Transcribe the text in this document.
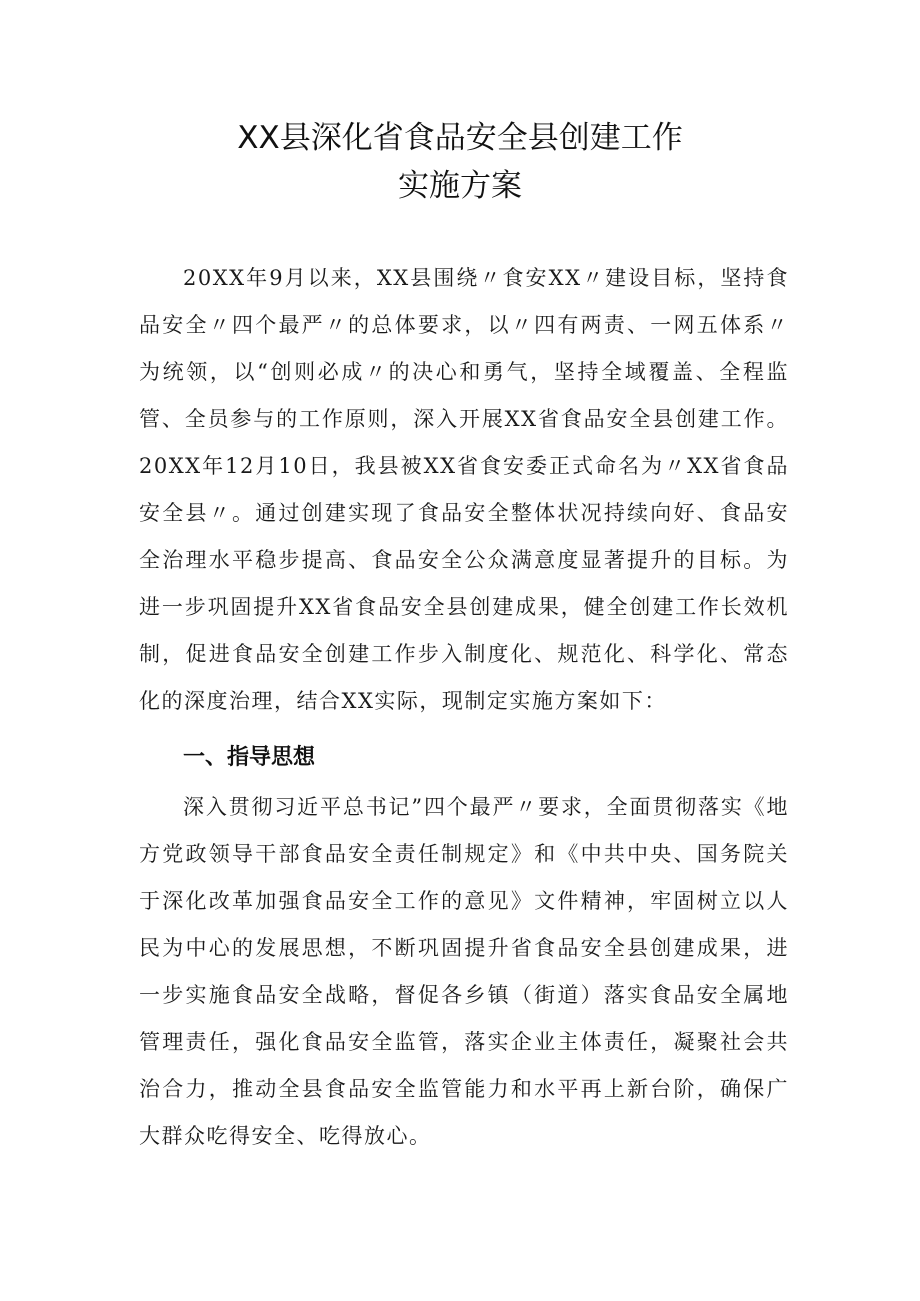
XX县深化省食品安全县创建工作
实施方案

20XX年9月以来，XX县围绕〃食安XX〃建设目标，坚持食品安全〃四个最严〃的总体要求，以〃四有两责、一网五体系〃为统领，以“创则必成〃的决心和勇气，坚持全域覆盖、全程监管、全员参与的工作原则，深入开展XX省食品安全县创建工作。20XX年12月10日，我县被XX省食安委正式命名为〃XX省食品安全县〃。通过创建实现了食品安全整体状况持续向好、食品安全治理水平稳步提高、食品安全公众满意度显著提升的目标。为进一步巩固提升XX省食品安全县创建成果，健全创建工作长效机制，促进食品安全创建工作步入制度化、规范化、科学化、常态化的深度治理，结合XX实际，现制定实施方案如下：

一、指导思想

深入贯彻习近平总书记”四个最严〃要求，全面贯彻落实《地方党政领导干部食品安全责任制规定》和《中共中央、国务院关于深化改革加强食品安全工作的意见》文件精神，牢固树立以人民为中心的发展思想，不断巩固提升省食品安全县创建成果，进一步实施食品安全战略，督促各乡镇（街道）落实食品安全属地管理责任，强化食品安全监管，落实企业主体责任，凝聚社会共治合力，推动全县食品安全监管能力和水平再上新台阶，确保广大群众吃得安全、吃得放心。
